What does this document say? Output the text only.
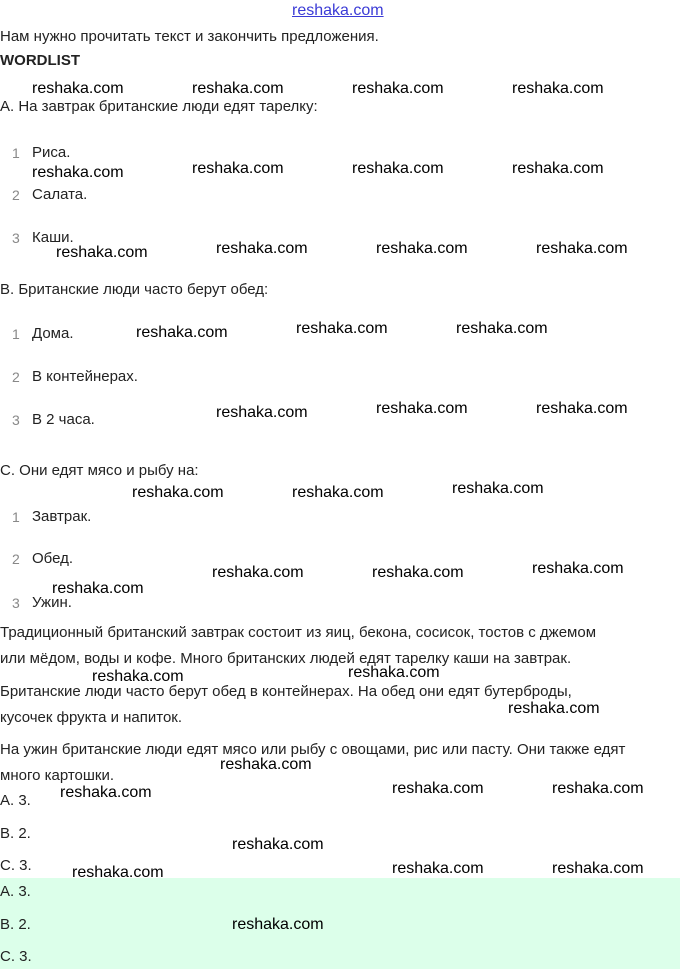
reshaka.com
Нам нужно прочитать текст и закончить предложения.
WORDLIST
A. На завтрак британские люди едят тарелку:
1 Риса.
2 Салата.
3 Каши.
B. Британские люди часто берут обед:
1 Дома.
2 В контейнерах.
3 В 2 часа.
C. Они едят мясо и рыбу на:
1 Завтрак.
2 Обед.
3 Ужин.
Традиционный британский завтрак состоит из яиц, бекона, сосисок, тостов с джемом
или мёдом, воды и кофе. Много британских людей едят тарелку каши на завтрак.
Британские люди часто берут обед в контейнерах. На обед они едят бутерброды,
кусочек фрукта и напиток.
На ужин британские люди едят мясо или рыбу с овощами, рис или пасту. Они также едят
много картошки.
A. 3.
B. 2.
C. 3.
A. 3.
B. 2.
C. 3.
reshaka.com	reshaka.com	reshaka.com	reshaka.com
reshaka.com	reshaka.com	reshaka.com	reshaka.com
reshaka.com	reshaka.com	reshaka.com	reshaka.com
reshaka.com	reshaka.com	reshaka.com
reshaka.com	reshaka.com	reshaka.com
reshaka.com	reshaka.com	reshaka.com
reshaka.com
reshaka.com	reshaka.com	reshaka.com
reshaka.com	reshaka.com
reshaka.com
reshaka.com
reshaka.com	reshaka.com	reshaka.com
reshaka.com
reshaka.com	reshaka.com	reshaka.com
reshaka.com
